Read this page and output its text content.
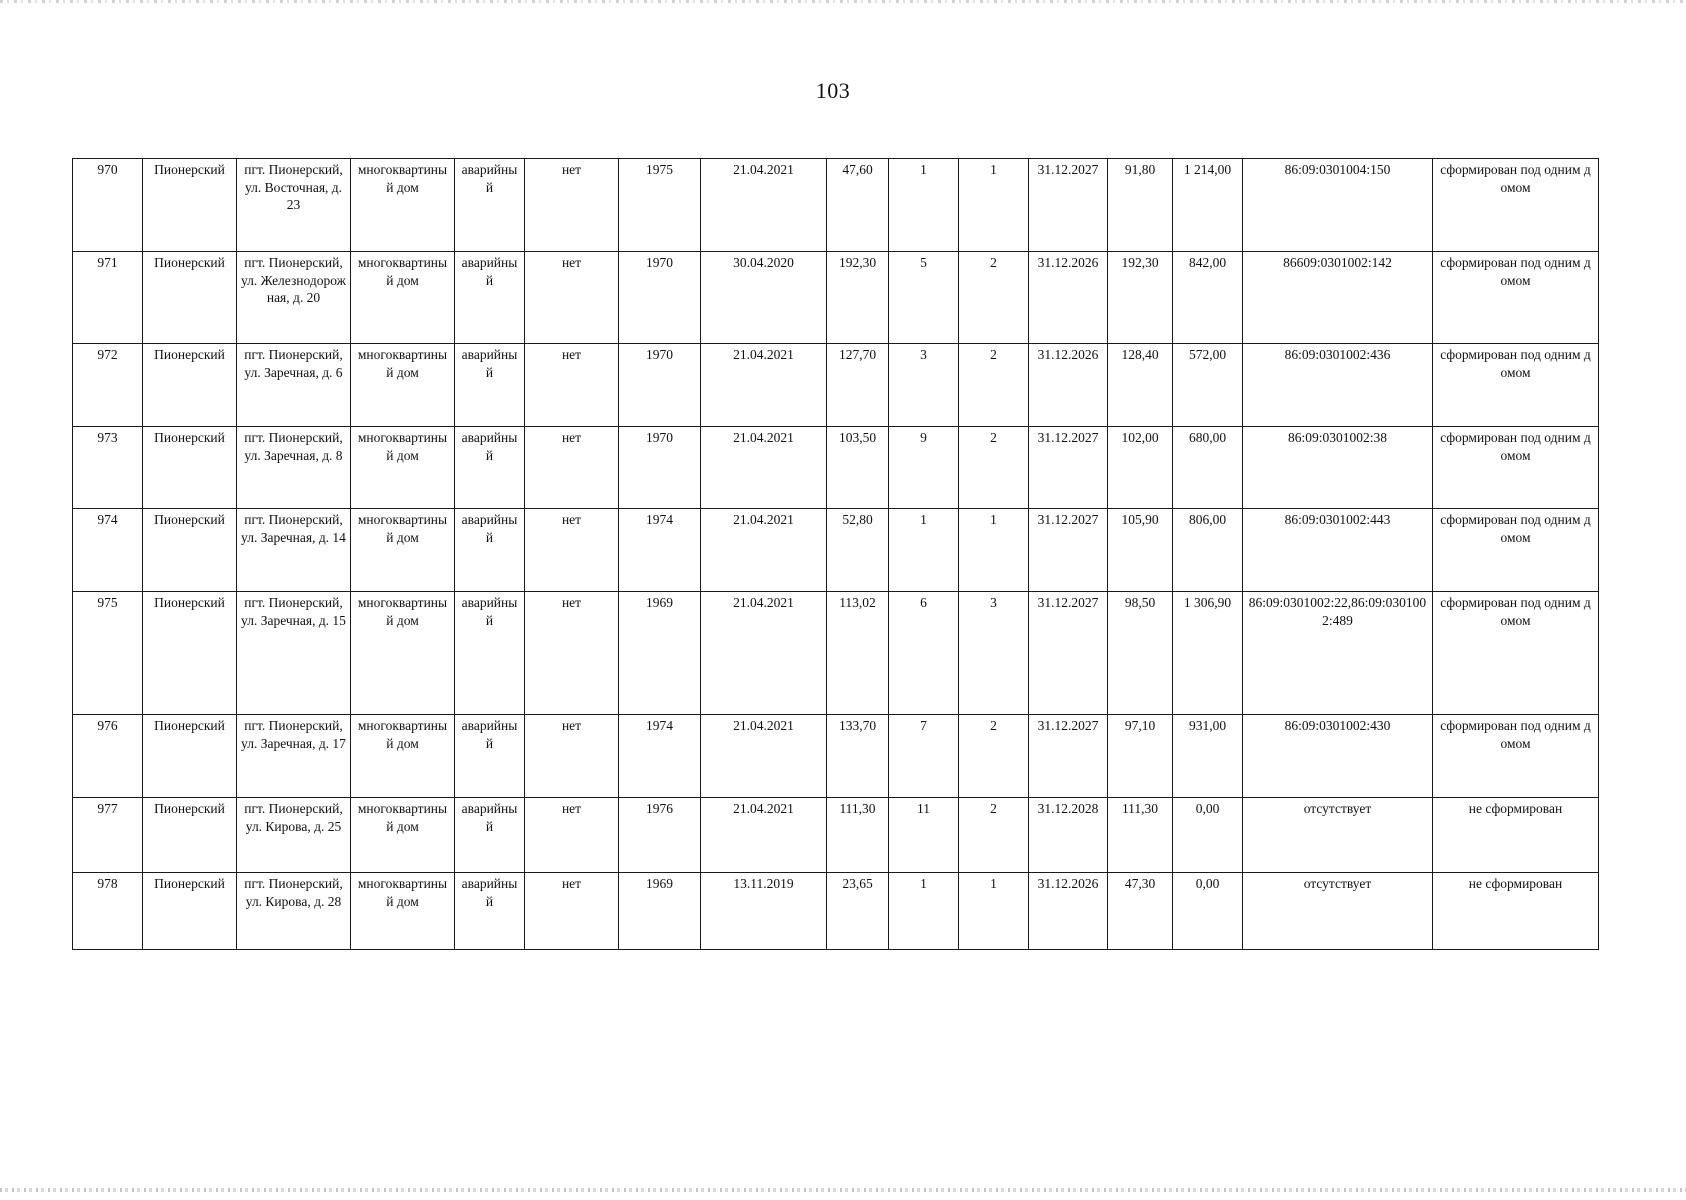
103
970	Пионерский	пгт. Пионерский, ул. Восточная, д. 23	многоквартиный дом	аварийный	нет	1975	21.04.2021	47,60	1	1	31.12.2027	91,80	1 214,00	86:09:0301004:150	сформирован под одним домом
971	Пионерский	пгт. Пионерский, ул. Железнодорожная, д. 20	многоквартиный дом	аварийный	нет	1970	30.04.2020	192,30	5	2	31.12.2026	192,30	842,00	86609:0301002:142	сформирован под одним домом
972	Пионерский	пгт. Пионерский, ул. Заречная, д. 6	многоквартиный дом	аварийный	нет	1970	21.04.2021	127,70	3	2	31.12.2026	128,40	572,00	86:09:0301002:436	сформирован под одним домом
973	Пионерский	пгт. Пионерский, ул. Заречная, д. 8	многоквартиный дом	аварийный	нет	1970	21.04.2021	103,50	9	2	31.12.2027	102,00	680,00	86:09:0301002:38	сформирован под одним домом
974	Пионерский	пгт. Пионерский, ул. Заречная, д. 14	многоквартиный дом	аварийный	нет	1974	21.04.2021	52,80	1	1	31.12.2027	105,90	806,00	86:09:0301002:443	сформирован под одним домом
975	Пионерский	пгт. Пионерский, ул. Заречная, д. 15	многоквартиный дом	аварийный	нет	1969	21.04.2021	113,02	6	3	31.12.2027	98,50	1 306,90	86:09:0301002:22,86:09:0301002:489	сформирован под одним домом
976	Пионерский	пгт. Пионерский, ул. Заречная, д. 17	многоквартиный дом	аварийный	нет	1974	21.04.2021	133,70	7	2	31.12.2027	97,10	931,00	86:09:0301002:430	сформирован под одним домом
977	Пионерский	пгт. Пионерский, ул. Кирова, д. 25	многоквартиный дом	аварийный	нет	1976	21.04.2021	111,30	11	2	31.12.2028	111,30	0,00	отсутствует	не сформирован
978	Пионерский	пгт. Пионерский, ул. Кирова, д. 28	многоквартиный дом	аварийный	нет	1969	13.11.2019	23,65	1	1	31.12.2026	47,30	0,00	отсутствует	не сформирован
